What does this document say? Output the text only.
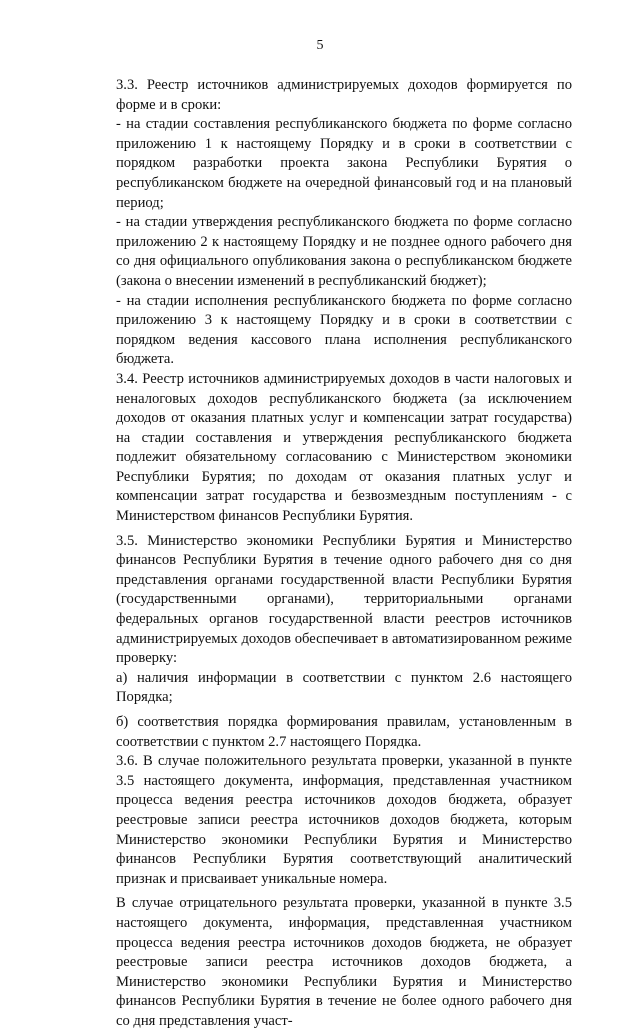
5

3.3. Реестр источников администрируемых доходов формируется по форме и в сроки:

- на стадии составления республиканского бюджета по форме согласно приложению 1 к настоящему Порядку и в сроки в соответствии с порядком разработки проекта закона Республики Бурятия о республиканском бюджете на очередной финансовый год и на плановый период;

- на стадии утверждения республиканского бюджета по форме согласно приложению 2 к настоящему Порядку и не позднее одного рабочего дня со дня официального опубликования закона о республиканском бюджете (закона о внесении изменений в республиканский бюджет);

- на стадии исполнения республиканского бюджета по форме согласно приложению 3 к настоящему Порядку и в сроки в соответствии с порядком ведения кассового плана исполнения республиканского бюджета.

3.4. Реестр источников администрируемых доходов в части налоговых и неналоговых доходов республиканского бюджета (за исключением доходов от оказания платных услуг и компенсации затрат государства) на стадии составления и утверждения республиканского бюджета подлежит обязательному согласованию с Министерством экономики Республики Бурятия; по доходам от оказания платных услуг и компенсации затрат государства и безвозмездным поступлениям - с Министерством финансов Республики Бурятия.

3.5. Министерство экономики Республики Бурятия и Министерство финансов Республики Бурятия в течение одного рабочего дня со дня представления органами государственной власти Республики Бурятия (государственными органами), территориальными органами федеральных органов государственной власти реестров источников администрируемых доходов обеспечивает в автоматизированном режиме проверку:

а) наличия информации в соответствии с пунктом 2.6 настоящего Порядка;

б) соответствия порядка формирования правилам, установленным в соответствии с пунктом 2.7 настоящего Порядка.

3.6. В случае положительного результата проверки, указанной в пункте 3.5 настоящего документа, информация, представленная участником процесса ведения реестра источников доходов бюджета, образует реестровые записи реестра источников доходов бюджета, которым Министерство экономики Республики Бурятия и Министерство финансов Республики Бурятия соответствующий аналитический признак и присваивает уникальные номера.

В случае отрицательного результата проверки, указанной в пункте 3.5 настоящего документа, информация, представленная участником процесса ведения реестра источников доходов бюджета, не образует реестровые записи реестра источников доходов бюджета, а Министерство экономики Республики Бурятия и Министерство финансов Республики Бурятия в течение не более одного рабочего дня со дня представления участ-
